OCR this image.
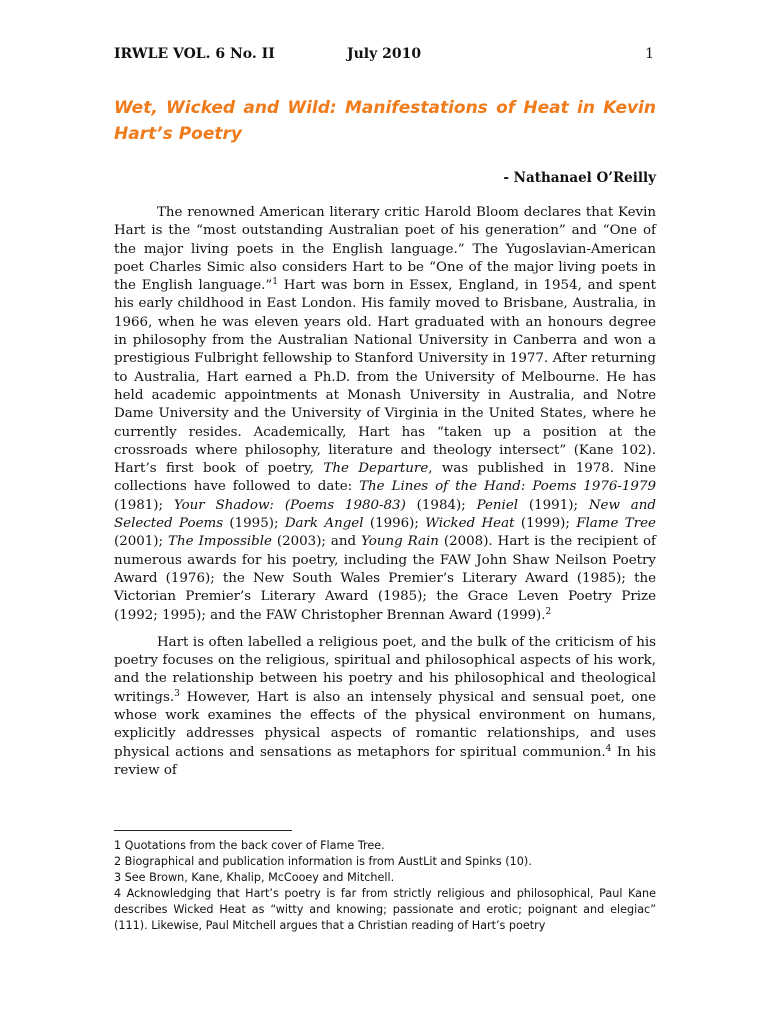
IRWLE VOL. 6 No. II	July 2010	1
Wet, Wicked and Wild: Manifestations of Heat in Kevin
Hart’s Poetry
- Nathanael O’Reilly

The renowned American literary critic Harold Bloom declares that Kevin Hart is the “most outstanding Australian poet of his generation” and “One of the major living poets in the English language.” The Yugoslavian-American poet Charles Simic also considers Hart to be “One of the major living poets in the English language.”$^1$ Hart was born in Essex, England, in 1954, and spent his early childhood in East London. His family moved to Brisbane, Australia, in 1966, when he was eleven years old. Hart graduated with an honours degree in philosophy from the Australian National University in Canberra and won a prestigious Fulbright fellowship to Stanford University in 1977. After returning to Australia, Hart earned a Ph.D. from the University of Melbourne. He has held academic appointments at Monash University in Australia, and Notre Dame University and the University of Virginia in the United States, where he currently resides. Academically, Hart has “taken up a position at the crossroads where philosophy, literature and theology intersect” (Kane 102). Hart’s first book of poetry, The Departure, was published in 1978. Nine collections have followed to date: The Lines of the Hand: Poems 1976-1979 (1981); Your Shadow: (Poems 1980-83) (1984); Peniel (1991); New and Selected Poems (1995); Dark Angel (1996); Wicked Heat (1999); Flame Tree (2001); The Impossible (2003); and Young Rain (2008). Hart is the recipient of numerous awards for his poetry, including the FAW John Shaw Neilson Poetry Award (1976); the New South Wales Premier’s Literary Award (1985); the Victorian Premier’s Literary Award (1985); the Grace Leven Poetry Prize (1992; 1995); and the FAW Christopher Brennan Award (1999).$^2$

Hart is often labelled a religious poet, and the bulk of the criticism of his poetry focuses on the religious, spiritual and philosophical aspects of his work, and the relationship between his poetry and his philosophical and theological writings.$^3$ However, Hart is also an intensely physical and sensual poet, one whose work examines the effects of the physical environment on humans, explicitly addresses physical aspects of romantic relationships, and uses physical actions and sensations as metaphors for spiritual communion.$^4$ In his review of

1 Quotations from the back cover of Flame Tree.

2 Biographical and publication information is from AustLit and Spinks (10).

3 See Brown, Kane, Khalip, McCooey and Mitchell.

4 Acknowledging that Hart’s poetry is far from strictly religious and philosophical, Paul Kane describes Wicked Heat as “witty and knowing; passionate and erotic; poignant and elegiac” (111). Likewise, Paul Mitchell argues that a Christian reading of Hart’s poetry
